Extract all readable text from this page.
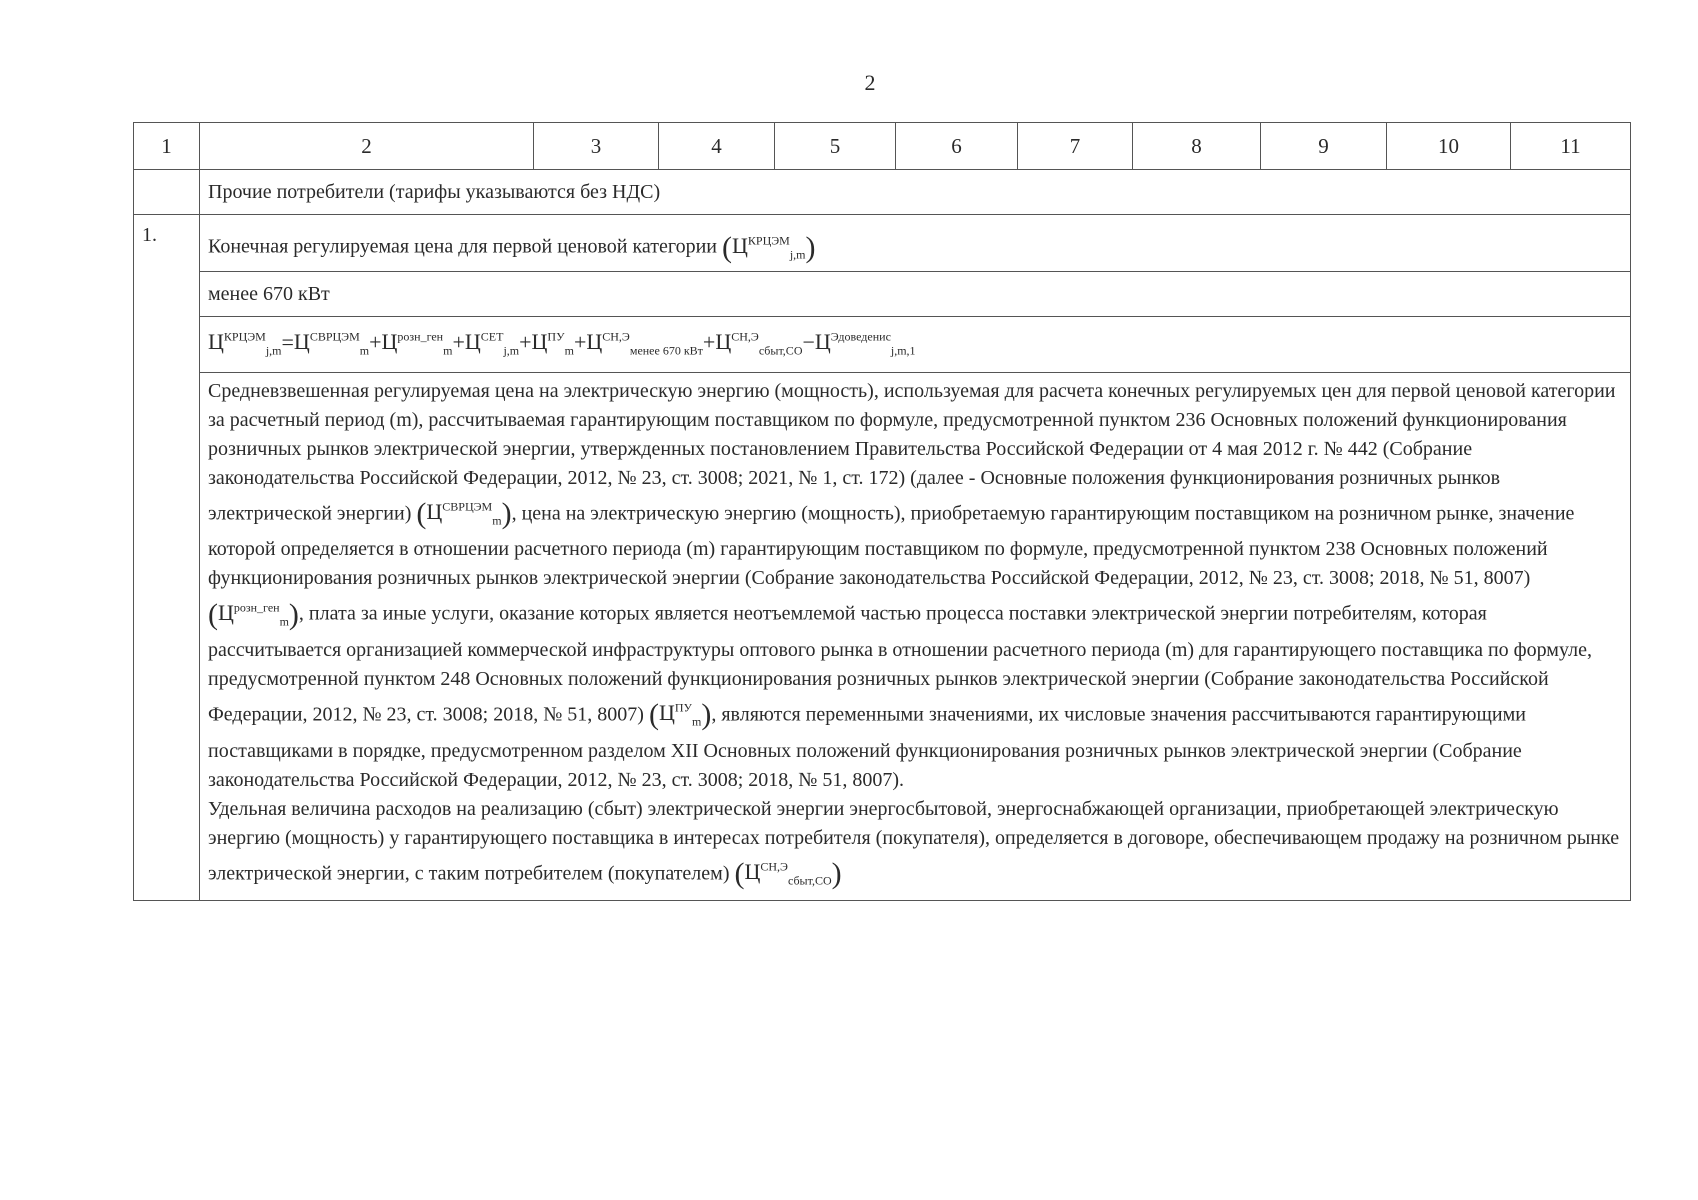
2
1	2	3	4	5	6	7	8	9	10	11
	Прочие потребители (тарифы указываются без НДС)									
1.	Конечная регулируемая цена для первой ценовой категории $(Ц^{КРЦЭМ}_{j,m})$									
	менее 670 кВт									
	$Ц^{КРЦЭМ}_{j,m}=Ц^{СВРЦЭМ}_m+Ц^{розн\_ген}_m+Ц^{СЕТ}_{j,m}+Ц^{ПУ}_m+Ц^{СН,Э}_{менее 670 кВт}+Ц^{СН,Э}_{сбыт,СО}-Ц^{Эдоведенис}_{j,m,1}$

	Средневзвешенная регулируемая цена на электрическую энергию (мощность), используемая для расчета конечных регулируемых цен для первой ценовой категории за расчетный период (m), рассчитываемая гарантирующим поставщиком по формуле, предусмотренной пунктом 236 Основных положений функционирования розничных рынков электрической энергии, утвержденных постановлением Правительства Российской Федерации от 4 мая 2012 г. № 442 (Собрание законодательства Российской Федерации, 2012, № 23, ст. 3008; 2021, № 1, ст. 172) (далее - Основные положения функционирования розничных рынков электрической энергии) $(Ц^{СВРЦЭМ}_m)$, цена на электрическую энергию (мощность), приобретаемую гарантирующим поставщиком на розничном рынке, значение которой определяется в отношении расчетного периода (m) гарантирующим поставщиком по формуле, предусмотренной пунктом 238 Основных положений функционирования розничных рынков электрической энергии (Собрание законодательства Российской Федерации, 2012, № 23, ст. 3008; 2018, № 51, 8007) $(Ц^{розн\_ген}_m)$, плата за иные услуги, оказание которых является неотъемлемой частью процесса поставки электрической энергии потребителям, которая рассчитывается организацией коммерческой инфраструктуры оптового рынка в отношении расчетного периода (m) для гарантирующего поставщика по формуле, предусмотренной пунктом 248 Основных положений функционирования розничных рынков электрической энергии (Собрание законодательства Российской Федерации, 2012, № 23, ст. 3008; 2018, № 51, 8007) $(Ц^{ПУ}_m)$, являются переменными значениями, их числовые значения рассчитываются гарантирующими поставщиками в порядке, предусмотренном разделом XII Основных положений функционирования розничных рынков электрической энергии (Собрание законодательства Российской Федерации, 2012, № 23, ст. 3008; 2018, № 51, 8007).

Удельная величина расходов на реализацию (сбыт) электрической энергии энергосбытовой, энергоснабжающей организации, приобретающей электрическую энергию (мощность) у гарантирующего поставщика в интересах потребителя (покупателя), определяется в договоре, обеспечивающем продажу на розничном рынке электрической энергии, с таким потребителем (покупателем) $(Ц^{СН,Э}_{сбыт,СО})$									
